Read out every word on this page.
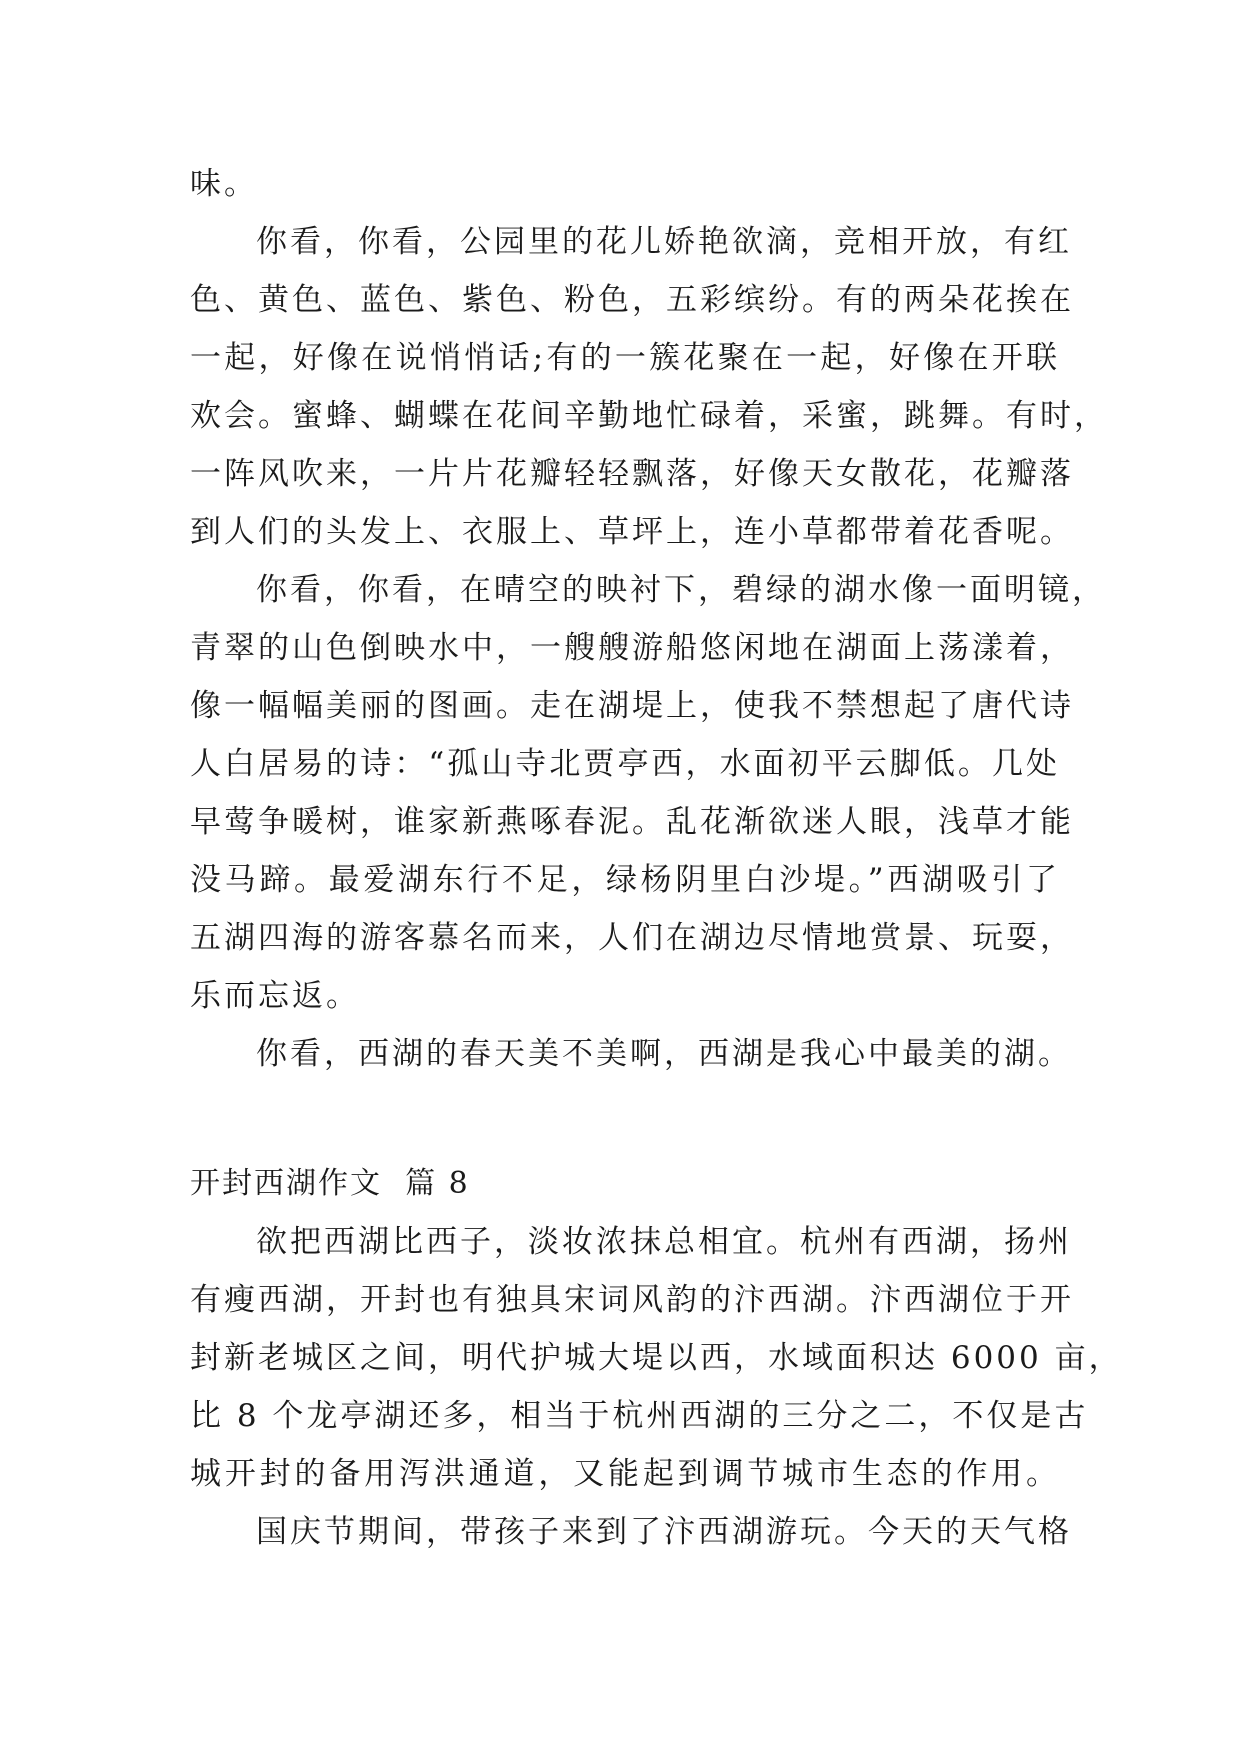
味。
你看，你看，公园里的花儿娇艳欲滴，竞相开放，有红
色、黄色、蓝色、紫色、粉色，五彩缤纷。有的两朵花挨在
一起，好像在说悄悄话;有的一簇花聚在一起，好像在开联
欢会。蜜蜂、蝴蝶在花间辛勤地忙碌着，采蜜，跳舞。有时，
一阵风吹来，一片片花瓣轻轻飘落，好像天女散花，花瓣落
到人们的头发上、衣服上、草坪上，连小草都带着花香呢。
你看，你看，在晴空的映衬下，碧绿的湖水像一面明镜，
青翠的山色倒映水中，一艘艘游船悠闲地在湖面上荡漾着，
像一幅幅美丽的图画。走在湖堤上，使我不禁想起了唐代诗
人白居易的诗：“孤山寺北贾亭西，水面初平云脚低。几处
早莺争暖树，谁家新燕啄春泥。乱花渐欲迷人眼，浅草才能
没马蹄。最爱湖东行不足，绿杨阴里白沙堤。”西湖吸引了
五湖四海的游客慕名而来，人们在湖边尽情地赏景、玩耍，
乐而忘返。
你看，西湖的春天美不美啊，西湖是我心中最美的湖。
开封西湖作文  篇 8
欲把西湖比西子，淡妆浓抹总相宜。杭州有西湖，扬州
有瘦西湖，开封也有独具宋词风韵的汴西湖。汴西湖位于开
封新老城区之间，明代护城大堤以西，水域面积达 6000 亩，
比 8 个龙亭湖还多，相当于杭州西湖的三分之二，不仅是古
城开封的备用泻洪通道，又能起到调节城市生态的作用。
国庆节期间，带孩子来到了汴西湖游玩。今天的天气格
